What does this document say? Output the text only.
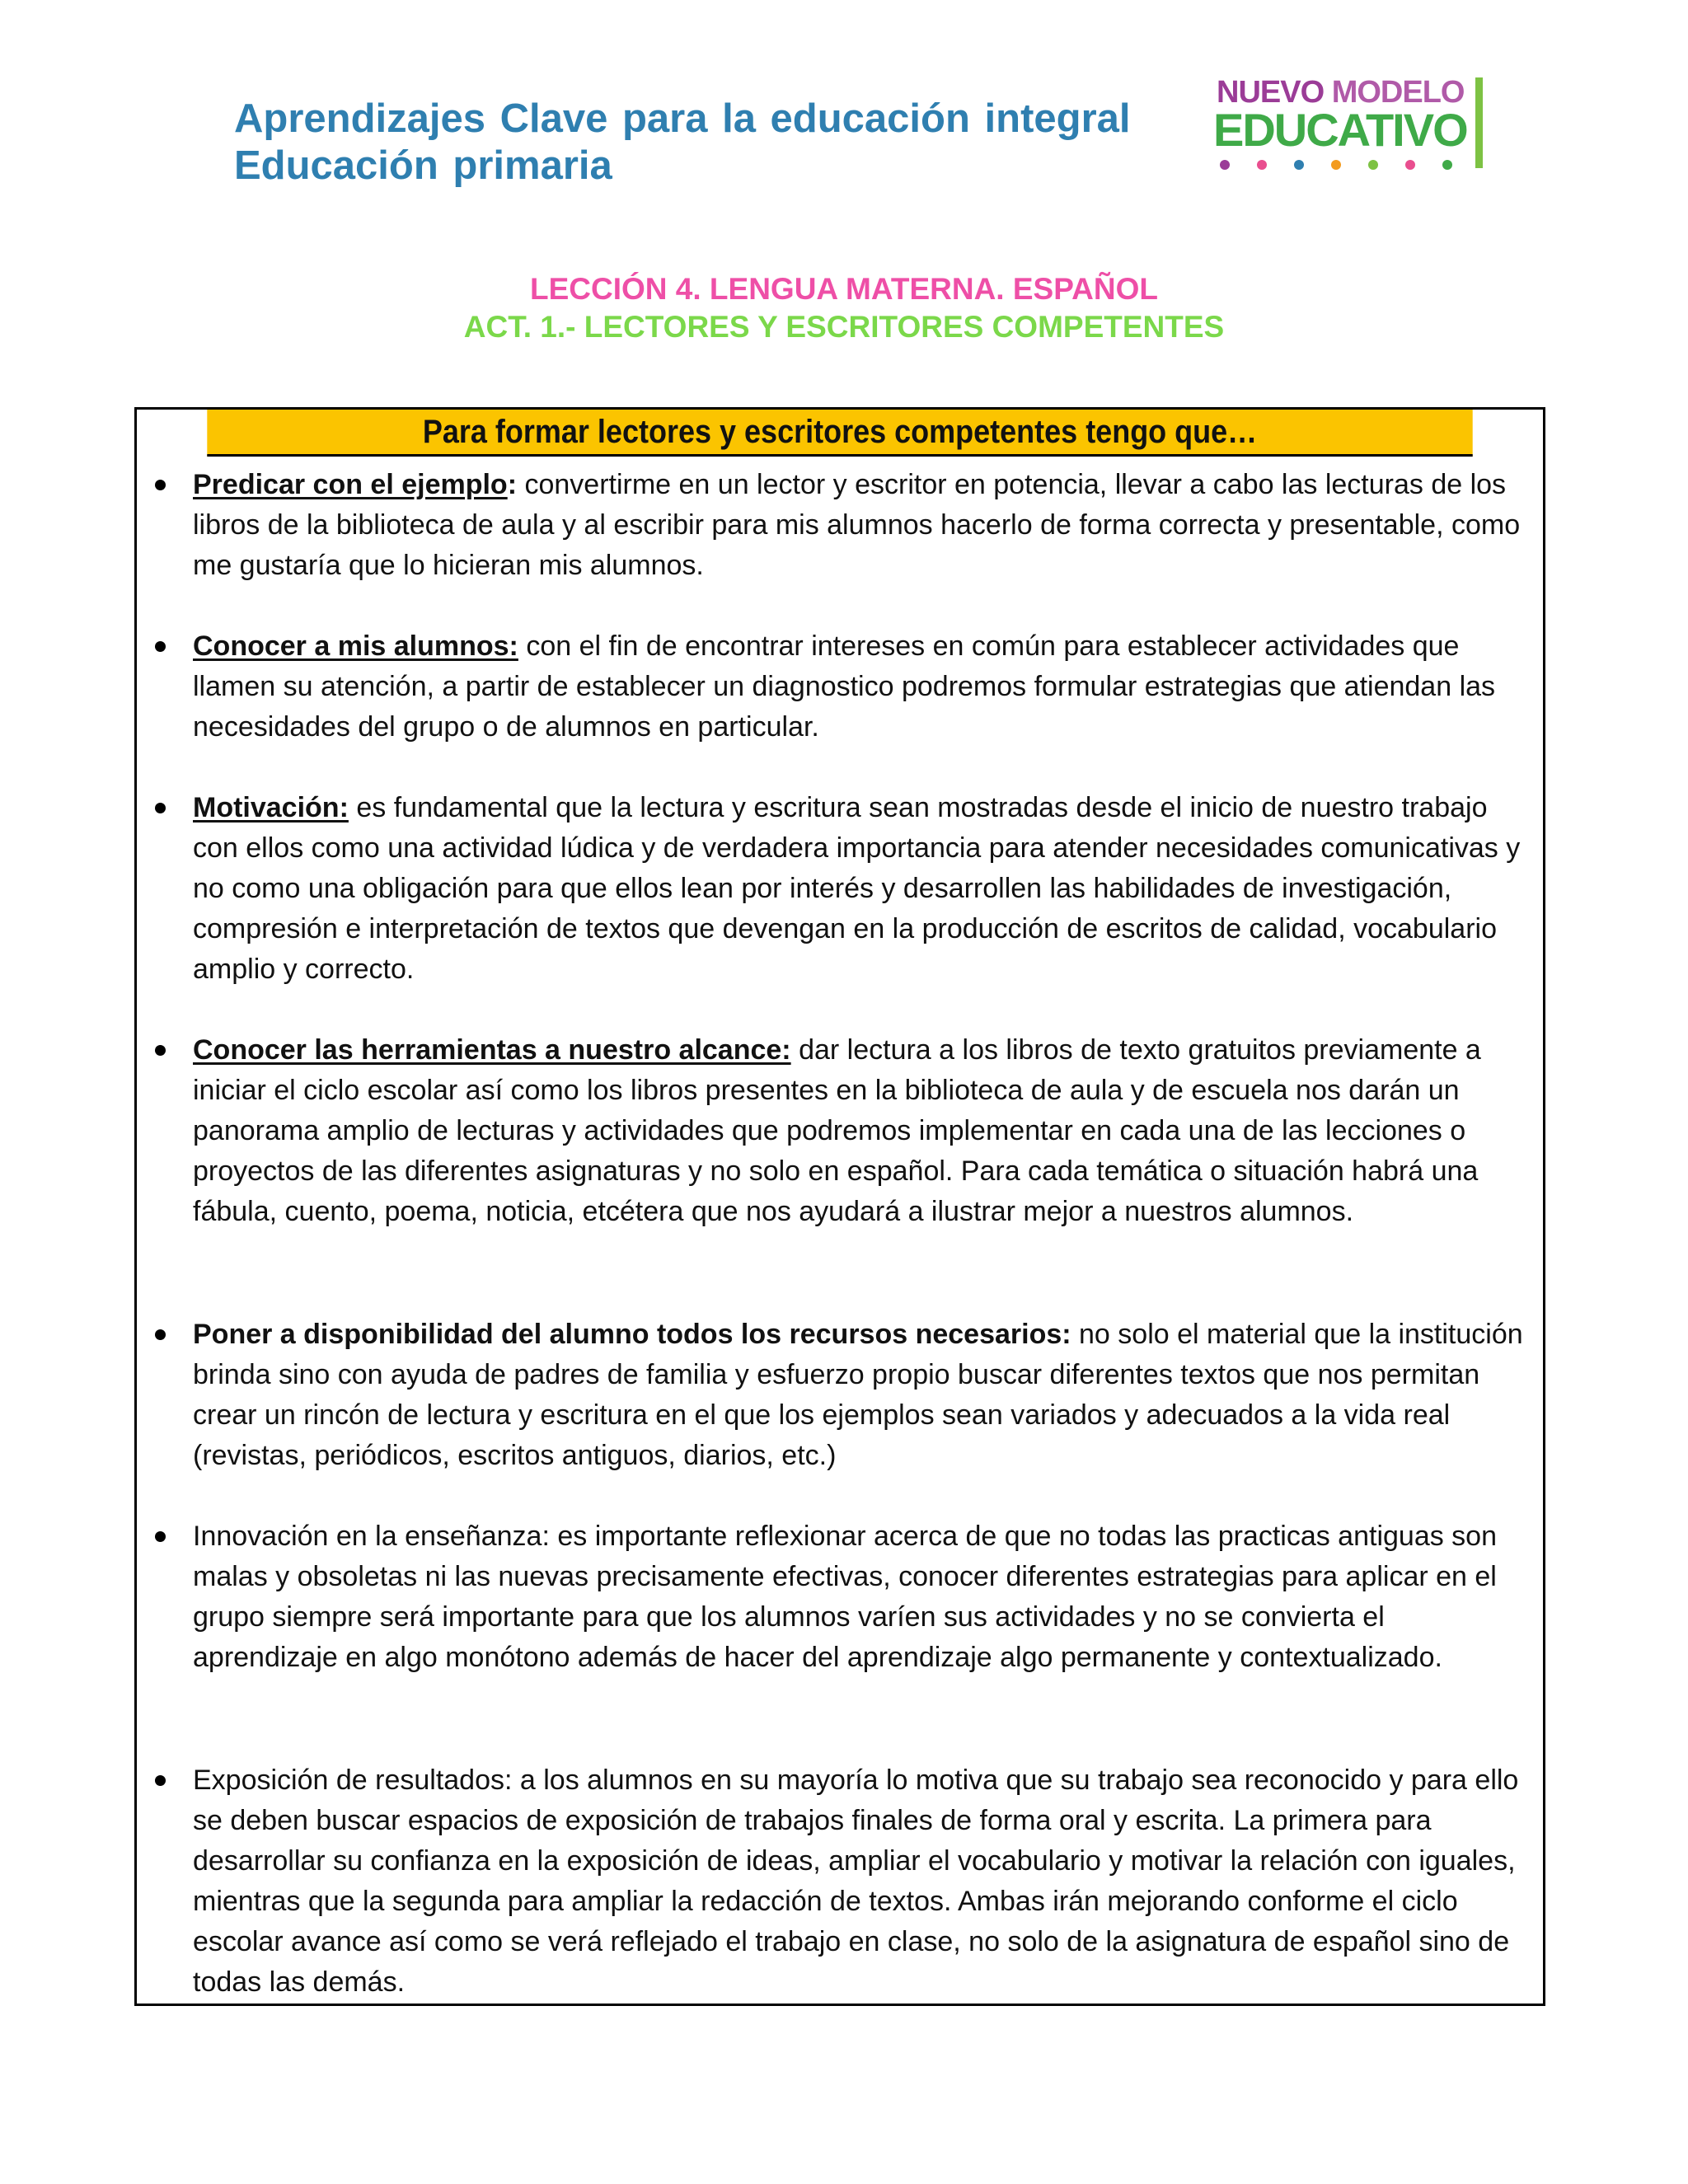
Aprendizajes Clave para la educación integral
Educación primaria
NUEVO MODELO
EDUCATIVO
LECCIÓN 4. LENGUA MATERNA. ESPAÑOL
ACT. 1.- LECTORES Y ESCRITORES COMPETENTES
Para formar lectores y escritores competentes tengo que…
Predicar con el ejemplo: convertirme en un lector y escritor en potencia, llevar a cabo las lecturas de los libros de la biblioteca de aula y al escribir para mis alumnos hacerlo de forma correcta y presentable, como me gustaría que lo hicieran mis alumnos.
Conocer a mis alumnos: con el fin de encontrar intereses en común para establecer actividades que llamen su atención, a partir de establecer un diagnostico podremos formular estrategias que atiendan las necesidades del grupo o de alumnos en particular.
Motivación: es fundamental que la lectura y escritura sean mostradas desde el inicio de nuestro trabajo con ellos como una actividad lúdica y de verdadera importancia para atender necesidades comunicativas y no como una obligación para que ellos lean por interés y desarrollen las habilidades de investigación, compresión e interpretación de textos que devengan en la producción de escritos de calidad, vocabulario amplio y correcto.
Conocer las herramientas a nuestro alcance: dar lectura a los libros de texto gratuitos previamente a iniciar el ciclo escolar así como los libros presentes en la biblioteca de aula y de escuela nos darán un panorama amplio de lecturas y actividades que podremos implementar en cada una de las lecciones o proyectos de las diferentes asignaturas y no solo en español. Para cada temática o situación habrá una fábula, cuento, poema, noticia, etcétera que nos ayudará a ilustrar mejor a nuestros alumnos.
Poner a disponibilidad del alumno todos los recursos necesarios: no solo el material que la institución brinda sino con ayuda de padres de familia y esfuerzo propio buscar diferentes textos que nos permitan crear un rincón de lectura y escritura en el que los ejemplos sean variados y adecuados a la vida real (revistas, periódicos, escritos antiguos, diarios, etc.)
Innovación en la enseñanza: es importante reflexionar acerca de que no todas las practicas antiguas son malas y obsoletas ni las nuevas precisamente efectivas, conocer diferentes estrategias para aplicar en el grupo siempre será importante para que los alumnos varíen sus actividades y no se convierta el aprendizaje en algo monótono además de hacer del aprendizaje algo permanente y contextualizado.
Exposición de resultados: a los alumnos en su mayoría lo motiva que su trabajo sea reconocido y para ello se deben buscar espacios de exposición de trabajos finales de forma oral y escrita. La primera para desarrollar su confianza en la exposición de ideas, ampliar el vocabulario y motivar la relación con iguales, mientras que la segunda para ampliar la redacción de textos. Ambas irán mejorando conforme el ciclo escolar avance así como se verá reflejado el trabajo en clase, no solo de la asignatura de español sino de todas las demás.
